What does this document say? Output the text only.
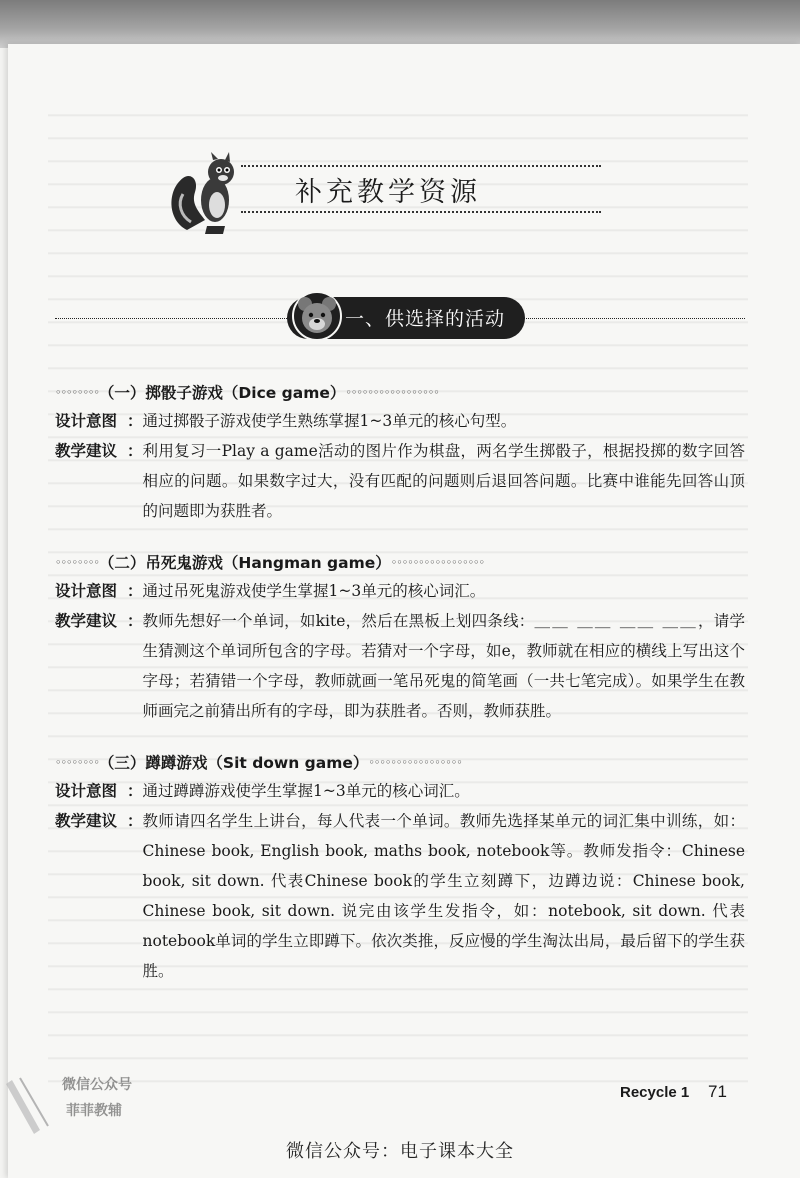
补充教学资源
一、供选择的活动
◦◦◦◦◦◦◦◦ （一）掷骰子游戏（Dice game） ◦◦◦◦◦◦◦◦◦◦◦◦◦◦◦◦◦
设计意图 ： 通过掷骰子游戏使学生熟练掌握1~3单元的核心句型。
教学建议 ： 利用复习一Play a game活动的图片作为棋盘，两名学生掷骰子，根据投掷的数字回答相应的问题。如果数字过大，没有匹配的问题则后退回答问题。比赛中谁能先回答山顶的问题即为获胜者。
◦◦◦◦◦◦◦◦ （二）吊死鬼游戏（Hangman game） ◦◦◦◦◦◦◦◦◦◦◦◦◦◦◦◦◦
设计意图 ： 通过吊死鬼游戏使学生掌握1~3单元的核心词汇。
教学建议 ： 教师先想好一个单词，如kite，然后在黑板上划四条线：＿＿ ＿＿ ＿＿ ＿＿，请学生猜测这个单词所包含的字母。若猜对一个字母，如e，教师就在相应的横线上写出这个字母；若猜错一个字母，教师就画一笔吊死鬼的简笔画（一共七笔完成）。如果学生在教师画完之前猜出所有的字母，即为获胜者。否则，教师获胜。
◦◦◦◦◦◦◦◦ （三）蹲蹲游戏（Sit down game） ◦◦◦◦◦◦◦◦◦◦◦◦◦◦◦◦◦
设计意图 ： 通过蹲蹲游戏使学生掌握1~3单元的核心词汇。
教学建议 ： 教师请四名学生上讲台，每人代表一个单词。教师先选择某单元的词汇集中训练，如：Chinese book, English book, maths book, notebook等。教师发指令：Chinese book, sit down. 代表Chinese book的学生立刻蹲下，边蹲边说：Chinese book, Chinese book, sit down. 说完由该学生发指令，如：notebook, sit down. 代表notebook单词的学生立即蹲下。依次类推，反应慢的学生淘汰出局，最后留下的学生获胜。
Recycle 1 71
微信公众号
菲菲教辅
微信公众号：电子课本大全
